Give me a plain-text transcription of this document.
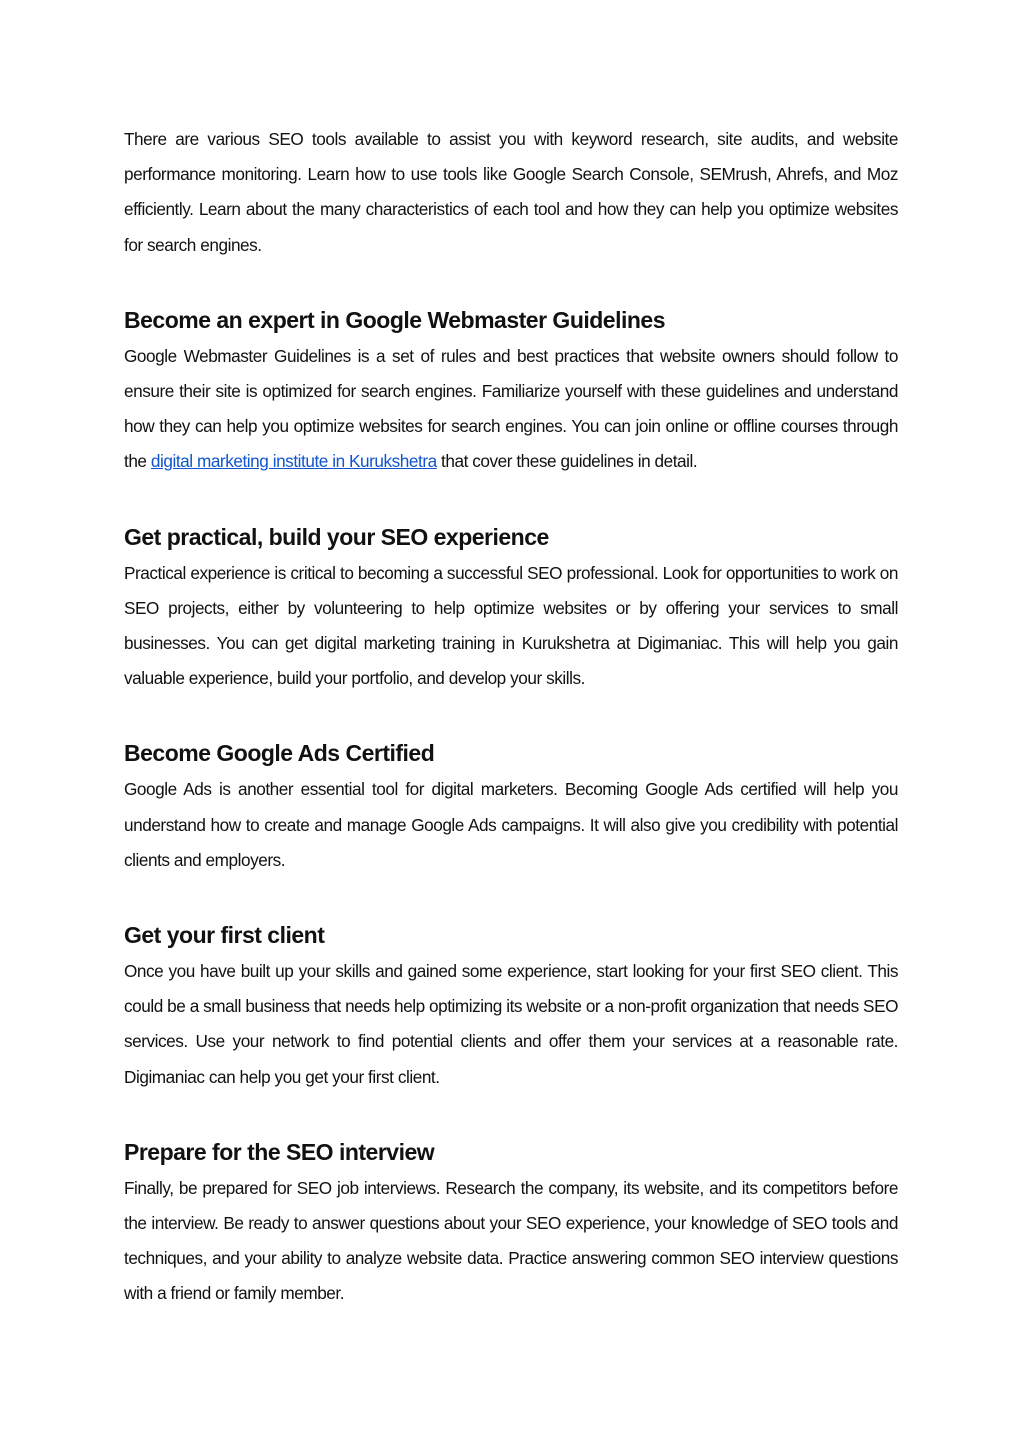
There are various SEO tools available to assist you with keyword research, site audits, and website performance monitoring. Learn how to use tools like Google Search Console, SEMrush, Ahrefs, and Moz efficiently. Learn about the many characteristics of each tool and how they can help you optimize websites for search engines.

Become an expert in Google Webmaster Guidelines

Google Webmaster Guidelines is a set of rules and best practices that website owners should follow to ensure their site is optimized for search engines. Familiarize yourself with these guidelines and understand how they can help you optimize websites for search engines. You can join online or offline courses through the digital marketing institute in Kurukshetra that cover these guidelines in detail.

Get practical, build your SEO experience

Practical experience is critical to becoming a successful SEO professional. Look for opportunities to work on SEO projects, either by volunteering to help optimize websites or by offering your services to small businesses. You can get digital marketing training in Kurukshetra at Digimaniac. This will help you gain valuable experience, build your portfolio, and develop your skills.

Become Google Ads Certified

Google Ads is another essential tool for digital marketers. Becoming Google Ads certified will help you understand how to create and manage Google Ads campaigns. It will also give you credibility with potential clients and employers.

Get your first client

Once you have built up your skills and gained some experience, start looking for your first SEO client. This could be a small business that needs help optimizing its website or a non-profit organization that needs SEO services. Use your network to find potential clients and offer them your services at a reasonable rate. Digimaniac can help you get your first client.

Prepare for the SEO interview

Finally, be prepared for SEO job interviews. Research the company, its website, and its competitors before the interview. Be ready to answer questions about your SEO experience, your knowledge of SEO tools and techniques, and your ability to analyze website data. Practice answering common SEO interview questions with a friend or family member.
